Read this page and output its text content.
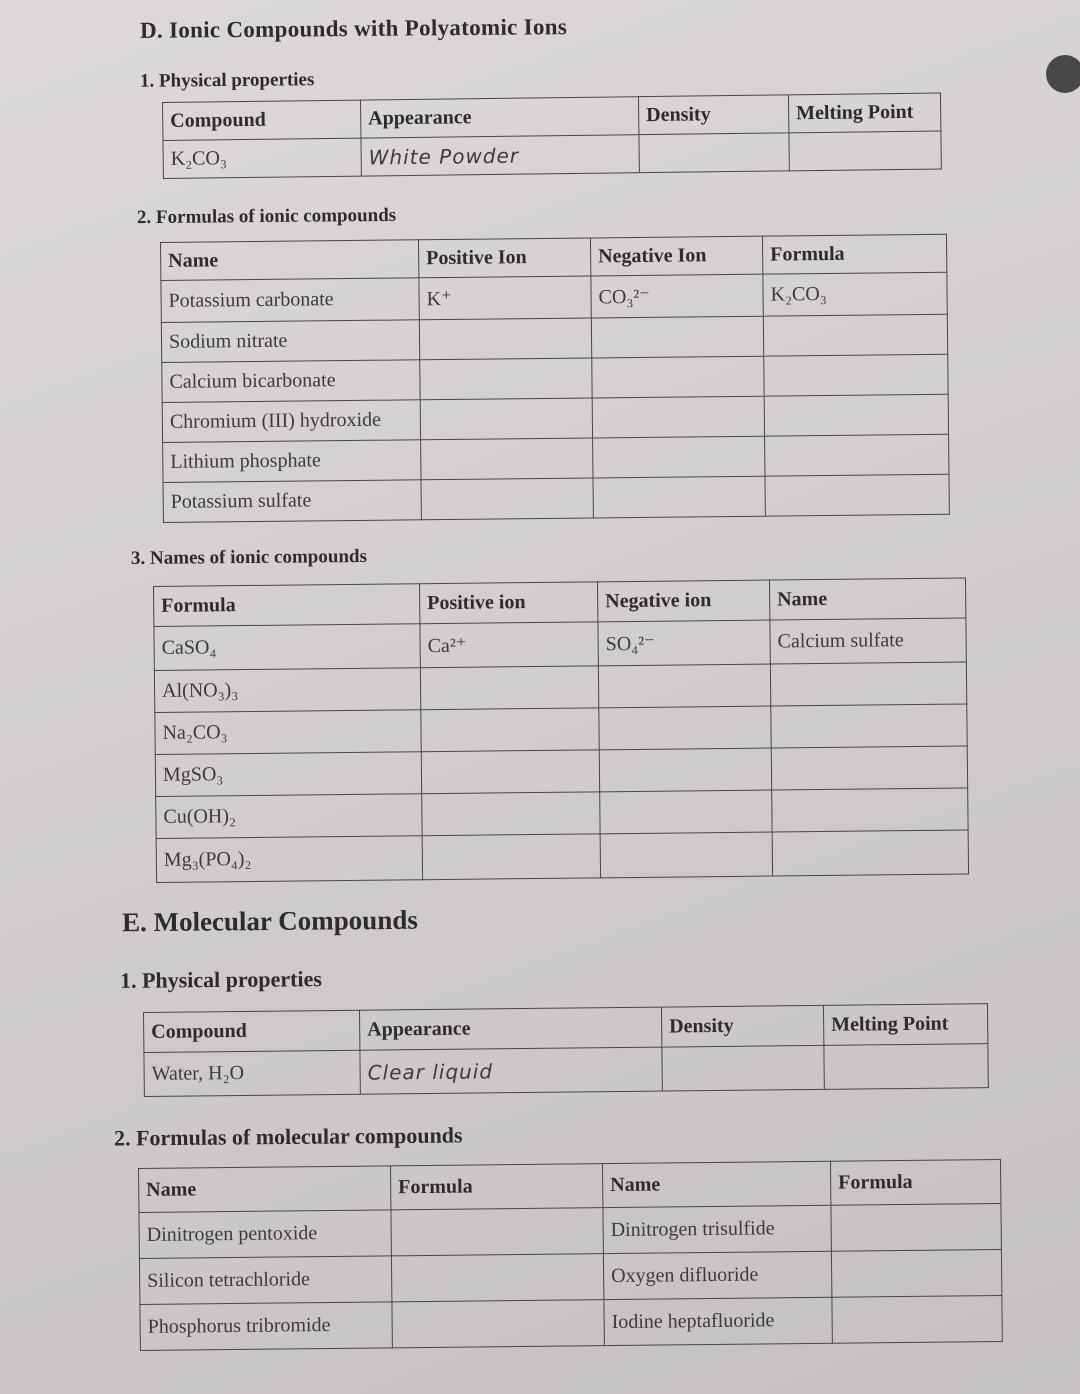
D. Ionic Compounds with Polyatomic Ions
1. Physical properties
Compound	Appearance	Density	Melting Point
K₂CO₃	White Powder		
2. Formulas of ionic compounds
Name	Positive Ion	Negative Ion	Formula
Potassium carbonate	K⁺	CO₃²⁻	K₂CO₃
Sodium nitrate			
Calcium bicarbonate			
Chromium (III) hydroxide			
Lithium phosphate			
Potassium sulfate			
3. Names of ionic compounds
Formula	Positive ion	Negative ion	Name
CaSO₄	Ca²⁺	SO₄²⁻	Calcium sulfate
Al(NO₃)₃			
Na₂CO₃			
MgSO₃			
Cu(OH)₂			
Mg₃(PO₄)₂			
E. Molecular Compounds
1. Physical properties
Compound	Appearance	Density	Melting Point
Water, H₂O	Clear liquid		
2. Formulas of molecular compounds
Name	Formula	Name	Formula
Dinitrogen pentoxide		Dinitrogen trisulfide	
Silicon tetrachloride		Oxygen difluoride	
Phosphorus tribromide		Iodine heptafluoride	
